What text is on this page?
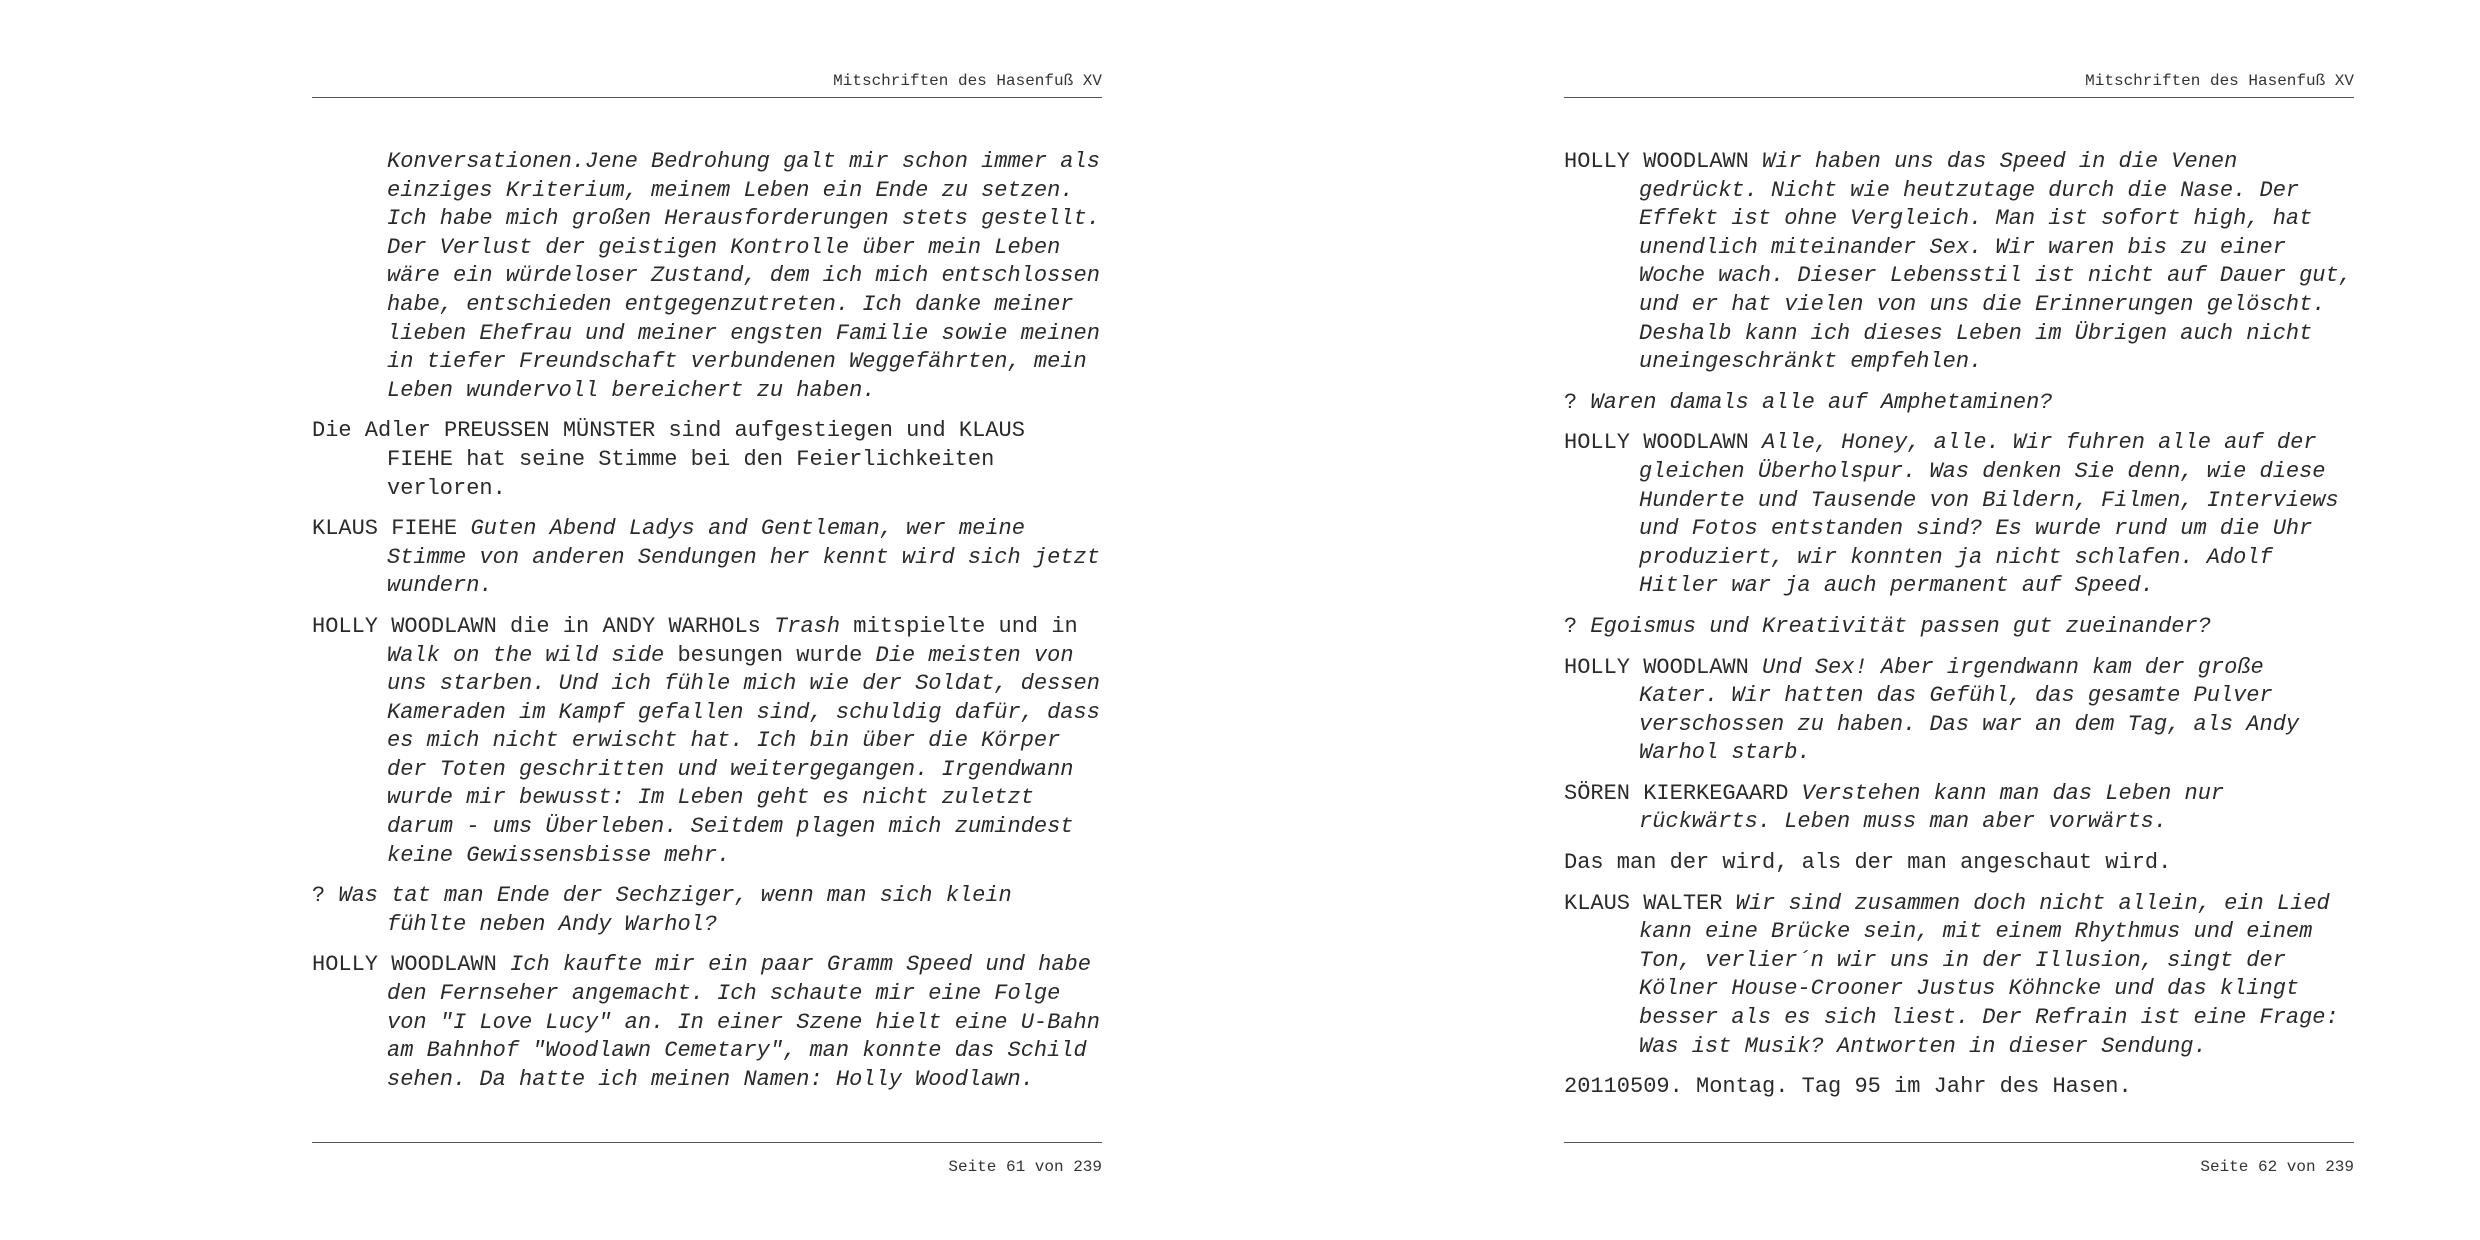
Mitschriften des Hasenfuß XV

Konversationen.Jene Bedrohung galt mir schon immer als einziges Kriterium, meinem Leben ein Ende zu setzen. Ich habe mich großen Herausforderungen stets gestellt. Der Verlust der geistigen Kontrolle über mein Leben wäre ein würdeloser Zustand, dem ich mich entschlossen habe, entschieden entgegenzutreten. Ich danke meiner lieben Ehefrau und meiner engsten Familie sowie meinen in tiefer Freundschaft verbundenen Weggefährten, mein Leben wundervoll bereichert zu haben.

Die Adler PREUSSEN MÜNSTER sind aufgestiegen und KLAUS FIEHE hat seine Stimme bei den Feierlichkeiten verloren.

KLAUS FIEHE Guten Abend Ladys and Gentleman, wer meine Stimme von anderen Sendungen her kennt wird sich jetzt wundern.

HOLLY WOODLAWN die in ANDY WARHOLs Trash mitspielte und in Walk on the wild side besungen wurde Die meisten von uns starben. Und ich fühle mich wie der Soldat, dessen Kameraden im Kampf gefallen sind, schuldig dafür, dass es mich nicht erwischt hat. Ich bin über die Körper der Toten geschritten und weitergegangen. Irgendwann wurde mir bewusst: Im Leben geht es nicht zuletzt darum - ums Überleben. Seitdem plagen mich zumindest keine Gewissensbisse mehr.

? Was tat man Ende der Sechziger, wenn man sich klein fühlte neben Andy Warhol?

HOLLY WOODLAWN Ich kaufte mir ein paar Gramm Speed und habe den Fernseher angemacht. Ich schaute mir eine Folge von "I Love Lucy" an. In einer Szene hielt eine U-Bahn am Bahnhof "Woodlawn Cemetary", man konnte das Schild sehen. Da hatte ich meinen Namen: Holly Woodlawn.

Seite 61 von 239
Mitschriften des Hasenfuß XV

HOLLY WOODLAWN Wir haben uns das Speed in die Venen gedrückt. Nicht wie heutzutage durch die Nase. Der Effekt ist ohne Vergleich. Man ist sofort high, hat unendlich miteinander Sex. Wir waren bis zu einer Woche wach. Dieser Lebensstil ist nicht auf Dauer gut, und er hat vielen von uns die Erinnerungen gelöscht. Deshalb kann ich dieses Leben im Übrigen auch nicht uneingeschränkt empfehlen.

? Waren damals alle auf Amphetaminen?

HOLLY WOODLAWN Alle, Honey, alle. Wir fuhren alle auf der gleichen Überholspur. Was denken Sie denn, wie diese Hunderte und Tausende von Bildern, Filmen, Interviews und Fotos entstanden sind? Es wurde rund um die Uhr produziert, wir konnten ja nicht schlafen. Adolf Hitler war ja auch permanent auf Speed.

? Egoismus und Kreativität passen gut zueinander?

HOLLY WOODLAWN Und Sex! Aber irgendwann kam der große Kater. Wir hatten das Gefühl, das gesamte Pulver verschossen zu haben. Das war an dem Tag, als Andy Warhol starb.

SÖREN KIERKEGAARD Verstehen kann man das Leben nur rückwärts. Leben muss man aber vorwärts.

Das man der wird, als der man angeschaut wird.

KLAUS WALTER Wir sind zusammen doch nicht allein, ein Lied kann eine Brücke sein, mit einem Rhythmus und einem Ton, verlier´n wir uns in der Illusion, singt der Kölner House-Crooner Justus Köhncke und das klingt besser als es sich liest. Der Refrain ist eine Frage: Was ist Musik? Antworten in dieser Sendung.

20110509. Montag. Tag 95 im Jahr des Hasen.

Seite 62 von 239
